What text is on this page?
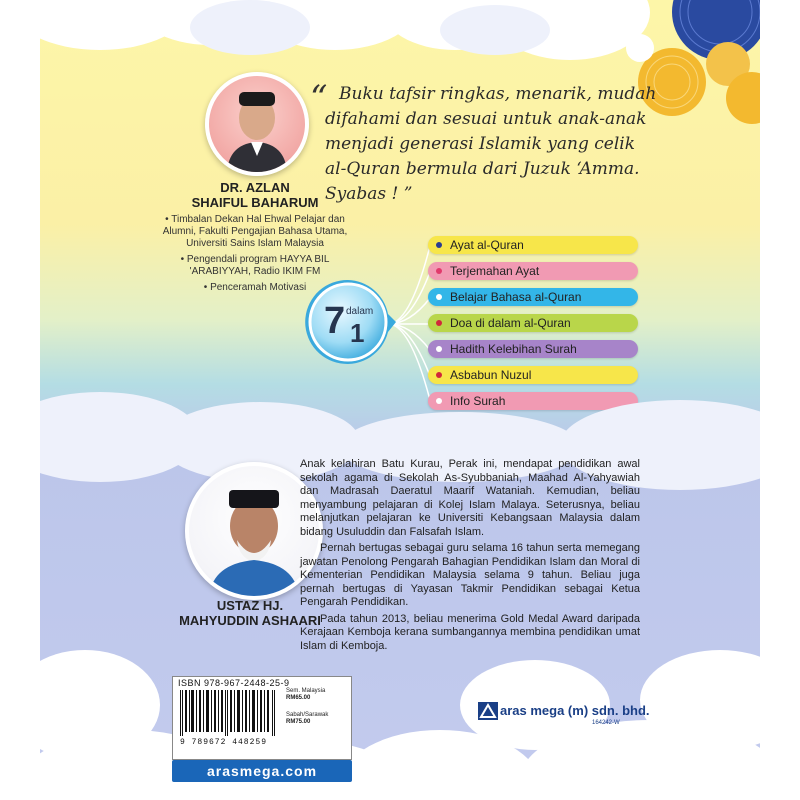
DR. AZLAN
SHAIFUL BAHARUM
• Timbalan Dekan Hal Ehwal Pelajar dan Alumni, Fakulti Pengajian Bahasa Utama, Universiti Sains Islam Malaysia
• Pengendali program HAYYA BIL 'ARABIYYAH, Radio IKIM FM
• Penceramah Motivasi
“ Buku tafsir ringkas, menarik, mudah
difahami dan sesuai untuk anak-anak
menjadi generasi Islamik yang celik
al-Quran bermula dari Juzuk ‘Amma.
Syabas ! ”
7 dalam
1
Ayat al-Quran
Terjemahan Ayat
Belajar Bahasa al-Quran
Doa di dalam al-Quran
Hadith Kelebihan Surah
Asbabun Nuzul
Info Surah
USTAZ HJ.
MAHYUDDIN ASHAARI

Anak kelahiran Batu Kurau, Perak ini, mendapat pendidikan awal sekolah agama di Sekolah As-Syubbaniah, Maahad Al-Yahyawiah dan Madrasah Daeratul Maarif Wataniah. Kemudian, beliau menyambung pelajaran di Kolej Islam Malaya. Seterusnya, beliau melanjutkan pelajaran ke Universiti Kebangsaan Malaysia dalam bidang Usuluddin dan Falsafah Islam.

Pernah bertugas sebagai guru selama 16 tahun serta memegang jawatan Penolong Pengarah Bahagian Pendidikan Islam dan Moral di Kementerian Pendidikan Malaysia selama 9 tahun. Beliau juga pernah bertugas di Yayasan Takmir Pendidikan sebagai Ketua Pengarah Pendidikan.

Pada tahun 2013, beliau menerima Gold Medal Award daripada Kerajaan Kemboja kerana sumbangannya membina pendidikan umat Islam di Kemboja.

ISBN 978-967-2448-25-9
9 789672 448259
Sem. Malaysia
RM65.00
Sabah/Sarawak
RM75.00
arasmega.com
aras mega (m) sdn. bhd.
164242-W
